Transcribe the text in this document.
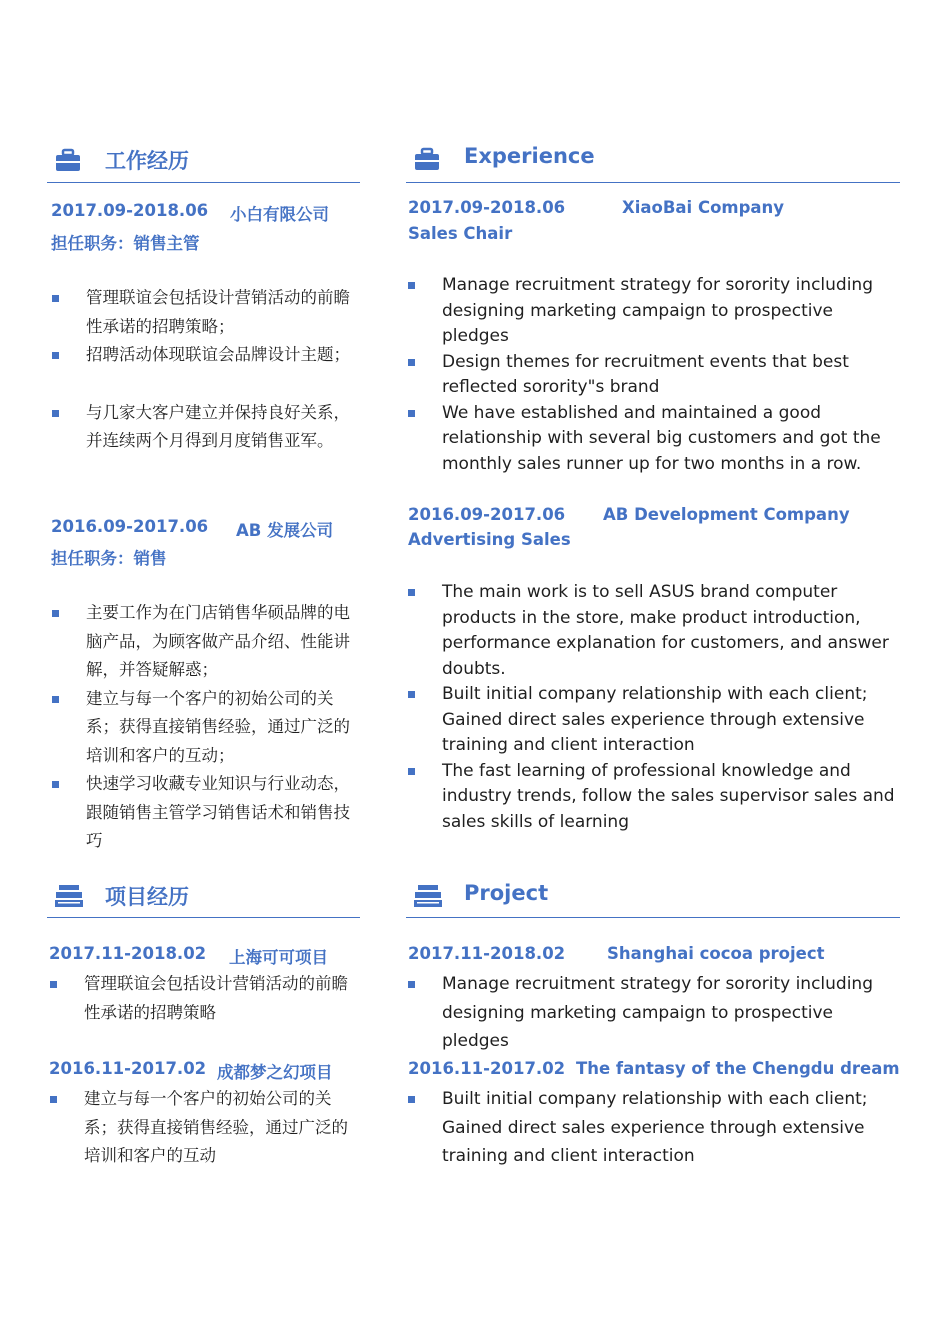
工作经历
2017.09-2018.06 小白有限公司
担任职务：销售主管
管理联谊会包括设计营销活动的前瞻性承诺的招聘策略；
招聘活动体现联谊会品牌设计主题；
与几家大客户建立并保持良好关系，并连续两个月得到月度销售亚军。
2016.09-2017.06 AB 发展公司
担任职务：销售
主要工作为在门店销售华硕品牌的电脑产品，为顾客做产品介绍、性能讲解，并答疑解惑；
建立与每一个客户的初始公司的关系；获得直接销售经验，通过广泛的培训和客户的互动；
快速学习收藏专业知识与行业动态，跟随销售主管学习销售话术和销售技巧
项目经历
2017.11-2018.02 上海可可项目
管理联谊会包括设计营销活动的前瞻性承诺的招聘策略
2016.11-2017.02 成都梦之幻项目
建立与每一个客户的初始公司的关系；获得直接销售经验，通过广泛的培训和客户的互动
Experience
2017.09-2018.06	XiaoBai Company
Sales Chair
Manage recruitment strategy for sorority including designing marketing campaign to prospective pledges
Design themes for recruitment events that best reflected sorority"s brand
We have established and maintained a good relationship with several big customers and got the monthly sales runner up for two months in a row.
2016.09-2017.06 AB Development Company
Advertising Sales
The main work is to sell ASUS brand computer products in the store, make product introduction, performance explanation for customers, and answer doubts.
Built initial company relationship with each client; Gained direct sales experience through extensive training and client interaction
The fast learning of professional knowledge and industry trends, follow the sales supervisor sales and sales skills of learning
Project
2017.11-2018.02	Shanghai cocoa project
Manage recruitment strategy for sorority including designing marketing campaign to prospective pledges
2016.11-2017.02 The fantasy of the Chengdu dream
Built initial company relationship with each client; Gained direct sales experience through extensive training and client interaction
